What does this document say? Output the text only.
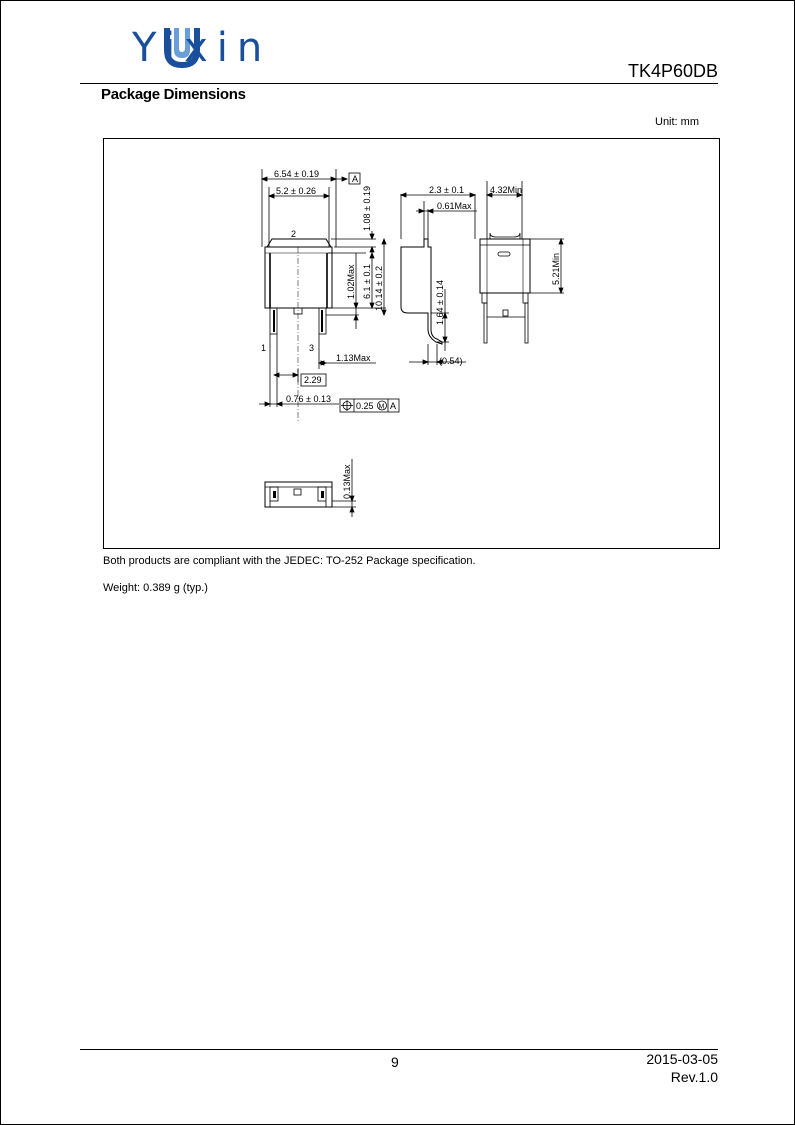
Yixin	TK4P60DB
Package Dimensions
Unit: mm
2
1	3
6.54 ± 0.19	A
5.2 ± 0.26	1.08 ± 0.19
1.02Max 6.1 ± 0.1 10.14 ± 0.2
1.13Max
2.29
0.76 ± 0.13
0.25 M A
2.3 ± 0.1
0.61Max
1.64 ± 0.14
(0.54)
4.32Min
5.21Min
0.13Max
Both products are compliant with the JEDEC: TO-252 Package specification.
Weight: 0.389 g (typ.)
9	2015-03-05
Rev.1.0
